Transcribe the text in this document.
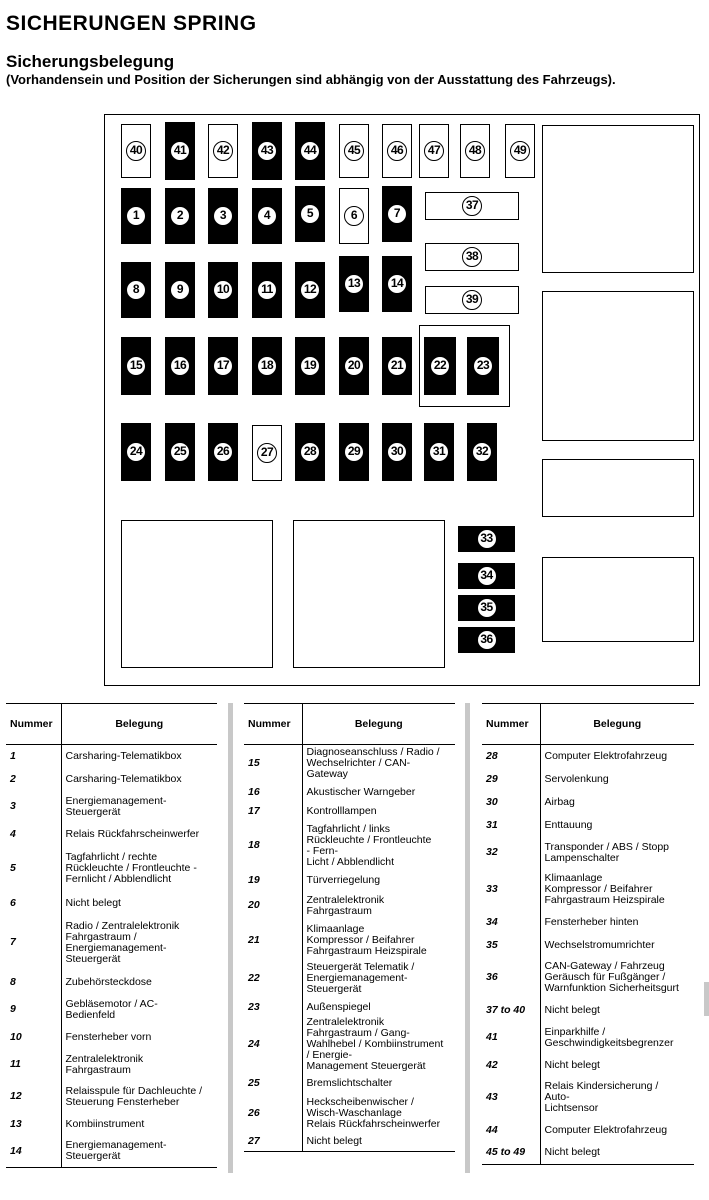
SICHERUNGEN SPRING
Sicherungsbelegung

(Vorhandensein und Position der Sicherungen sind abhängig von der Ausstattung des Fahrzeugs).

40	41	42	43	44	45	46	47	48	49
1	2	3	4	5	6	7
37
38
39
8	9	10	11	12	13	14
15	16	17	18	19	20	21	22	23
24	25	26	27	28	29	30	31	32
33
34
35
36
Nummer	Belegung
1	Carsharing-Telematikbox
2	Carsharing-Telematikbox
3	Energiemanagement-
Steuergerät
4	Relais Rückfahrscheinwerfer
5	Tagfahrlicht / rechte
Rückleuchte / Frontleuchte -
Fernlicht / Abblendlicht
6	Nicht belegt
7	Radio / Zentralelektronik
Fahrgastraum /
Energiemanagement-
Steuergerät
8	Zubehörsteckdose
9	Gebläsemotor / AC-
Bedienfeld
10	Fensterheber vorn
11	Zentralelektronik
Fahrgastraum
12	Relaisspule für Dachleuchte /
Steuerung Fensterheber
13	Kombiinstrument
14	Energiemanagement-
Steuergerät
Nummer	Belegung
15	Diagnoseanschluss / Radio /
Wechselrichter / CAN-
Gateway
16	Akustischer Warngeber
17	Kontrolllampen
18	Tagfahrlicht / links
Rückleuchte / Frontleuchte
- Fern-
Licht / Abblendlicht
19	Türverriegelung
20	Zentralelektronik
Fahrgastraum
21	Klimaanlage
Kompressor / Beifahrer
Fahrgastraum Heizspirale
22	Steuergerät Telematik /
Energiemanagement-
Steuergerät
23	Außenspiegel
24	Zentralelektronik
Fahrgastraum / Gang-
Wahlhebel / Kombiinstrument
/ Energie-
Management Steuergerät
25	Bremslichtschalter
26	Heckscheibenwischer /
Wisch-Waschanlage
Relais Rückfahrscheinwerfer
27	Nicht belegt
Nummer	Belegung
28	Computer Elektrofahrzeug
29	Servolenkung
30	Airbag
31	Enttauung
32	Transponder / ABS / Stopp
Lampenschalter
33	Klimaanlage
Kompressor / Beifahrer
Fahrgastraum Heizspirale
34	Fensterheber hinten
35	Wechselstromumrichter
36	CAN-Gateway / Fahrzeug
Geräusch für Fußgänger /
Warnfunktion Sicherheitsgurt
37 to 40	Nicht belegt
41	Einparkhilfe /
Geschwindigkeitsbegrenzer
42	Nicht belegt
43	Relais Kindersicherung /
Auto-
Lichtsensor
44	Computer Elektrofahrzeug
45 to 49	Nicht belegt
